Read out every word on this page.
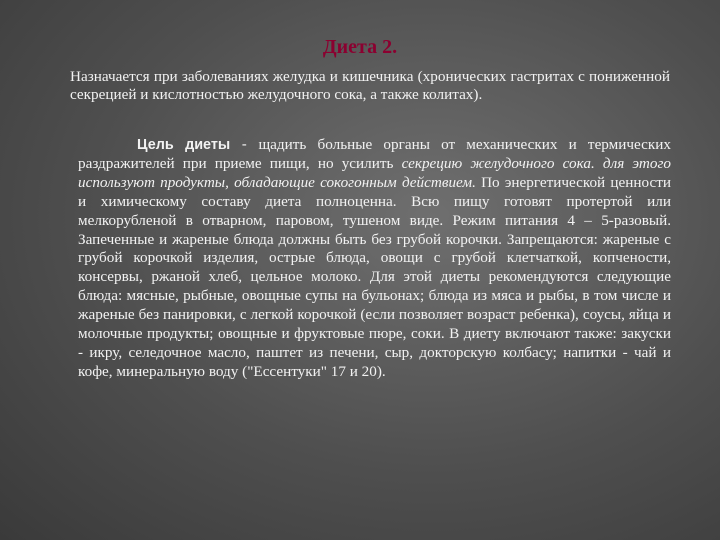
Диета 2.

Назначается при заболеваниях желудка и кишечника (хронических гастритах с пониженной секрецией и кислотностью желудочного сока, а также колитах).

Цель диеты - щадить больные органы от механических и термических раздражителей при приеме пищи, но усилить секрецию желудочного сока. для этого используют продукты, обладающие сокогонным действием. По энергетической ценности и химическому составу диета полноценна. Всю пищу готовят протертой или мелкорубленой в отварном, паровом, тушеном виде. Режим питания 4 – 5-разовый. Запеченные и жареные блюда должны быть без грубой корочки. Запрещаются: жареные с грубой корочкой изделия, острые блюда, овощи с грубой клетчаткой, копчености, консервы, ржаной хлеб, цельное молоко. Для этой диеты рекомендуются следующие блюда: мясные, рыбные, овощные супы на бульонах; блюда из мяса и рыбы, в том числе и жареные без панировки, с легкой корочкой (если позволяет возраст ребенка), соусы, яйца и молочные продукты; овощные и фруктовые пюре, соки. В диету включают также: закуски - икру, селедочное масло, паштет из печени, сыр, докторскую колбасу; напитки - чай и кофе, минеральную воду ("Ессентуки" 17 и 20).
